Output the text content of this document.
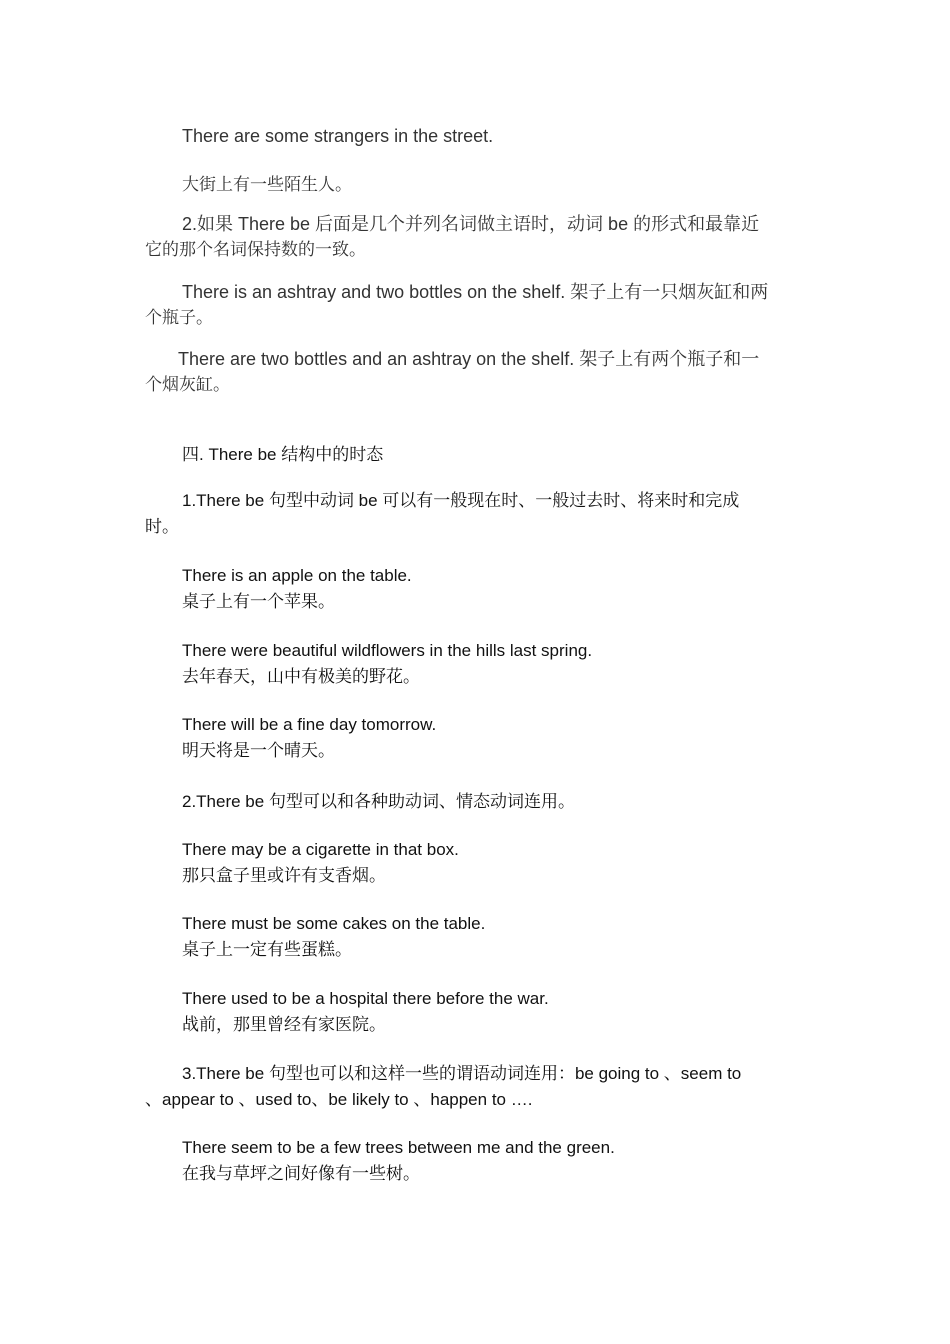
There are some strangers in the street.

大街上有一些陌生人。

2.如果 There be 后面是几个并列名词做主语时，动词 be 的形式和最靠近
它的那个名词保持数的一致。
There is an ashtray and two bottles on the shelf. 架子上有一只烟灰缸和两
个瓶子。
There are two bottles and an ashtray on the shelf. 架子上有两个瓶子和一
个烟灰缸。

四. There be 结构中的时态

1.There be 句型中动词 be 可以有一般现在时、一般过去时、将来时和完成
时。
There is an apple on the table.
桌子上有一个苹果。
There were beautiful wildflowers in the hills last spring.
去年春天，山中有极美的野花。
There will be a fine day tomorrow.
明天将是一个晴天。

2.There be 句型可以和各种助动词、情态动词连用。

There may be a cigarette in that box.
那只盒子里或许有支香烟。
There must be some cakes on the table.
桌子上一定有些蛋糕。
There used to be a hospital there before the war.
战前，那里曾经有家医院。
3.There be 句型也可以和这样一些的谓语动词连用：be going to 、seem to
、appear to 、used to、be likely to 、happen to ….
There seem to be a few trees between me and the green.
在我与草坪之间好像有一些树。
